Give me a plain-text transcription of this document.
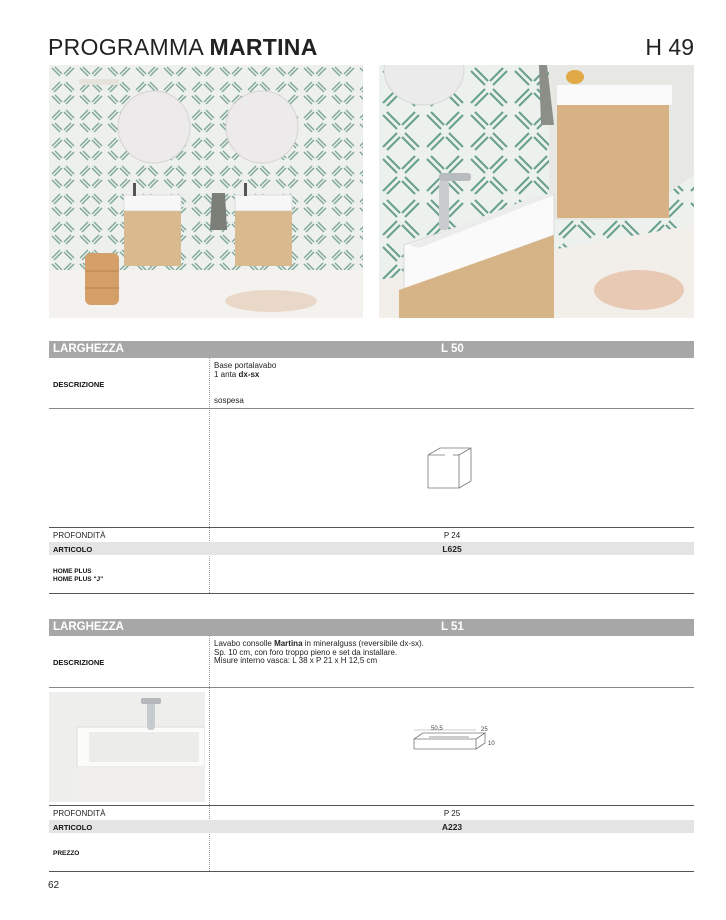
PROGRAMMA MARTINA	H 49
LARGHEZZA	L 50
DESCRIZIONE
Base portalavabo
1 anta dx-sx
sospesa
PROFONDITÀ	P 24
ARTICOLO	L625
HOME PLUS
HOME PLUS "J"
LARGHEZZA	L 51
DESCRIZIONE
Lavabo consolle Martina in mineralguss (reversibile dx-sx).
Sp. 10 cm, con foro troppo pieno e set da installare.
Misure interno vasca: L 38 x P 21 x H 12,5 cm
50,5	25
10
PROFONDITÀ	P 25
ARTICOLO	A223
PREZZO
62
